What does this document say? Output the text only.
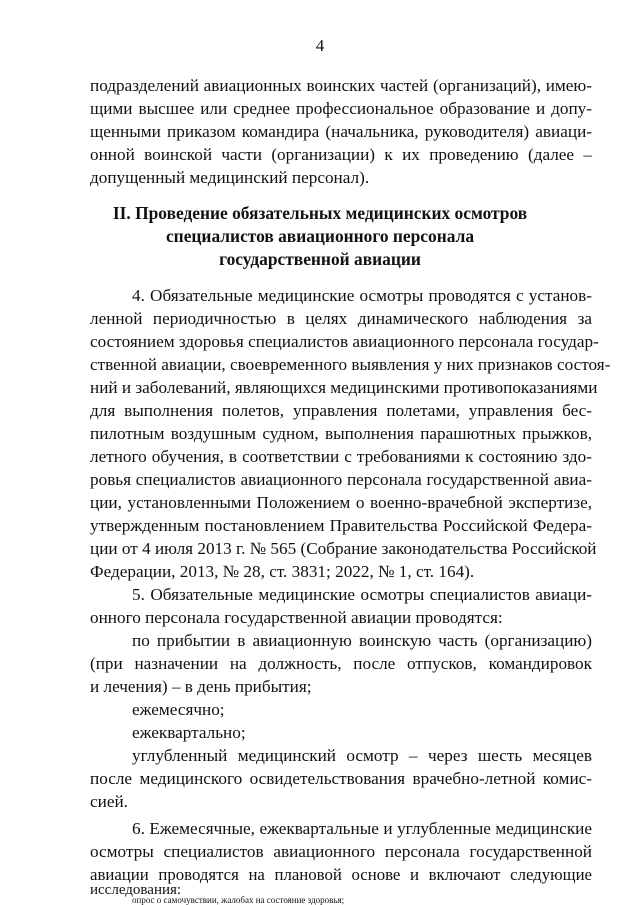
4
подразделений авиационных воинских частей (организаций), имею-
щими высшее или среднее профессиональное образование и допу-
щенными приказом командира (начальника, руководителя) авиаци-
онной воинской части (организации) к их проведению (далее –
допущенный медицинский персонал).
II. Проведение обязательных медицинских осмотров
специалистов авиационного персонала
государственной авиации
4. Обязательные медицинские осмотры проводятся с установ-
ленной периодичностью в целях динамического наблюдения за
состоянием здоровья специалистов авиационного персонала государ-
ственной авиации, своевременного выявления у них признаков состоя-
ний и заболеваний, являющихся медицинскими противопоказаниями
для выполнения полетов, управления полетами, управления бес-
пилотным воздушным судном, выполнения парашютных прыжков,
летного обучения, в соответствии с требованиями к состоянию здо-
ровья специалистов авиационного персонала государственной авиа-
ции, установленными Положением о военно-врачебной экспертизе,
утвержденным постановлением Правительства Российской Федера-
ции от 4 июля 2013 г. № 565 (Собрание законодательства Российской
Федерации, 2013, № 28, ст. 3831; 2022, № 1, ст. 164).
5. Обязательные медицинские осмотры специалистов авиаци-
онного персонала государственной авиации проводятся:
по прибытии в авиационную воинскую часть (организацию)
(при назначении на должность, после отпусков, командировок
и лечения) – в день прибытия;
ежемесячно;
ежеквартально;
углубленный медицинский осмотр – через шесть месяцев
после медицинского освидетельствования врачебно-летной комис-
сией.
6. Ежемесячные, ежеквартальные и углубленные медицинские
осмотры специалистов авиационного персонала государственной
авиации проводятся на плановой основе и включают следующие
исследования:
опрос о самочувствии, жалобах на состояние здоровья;
